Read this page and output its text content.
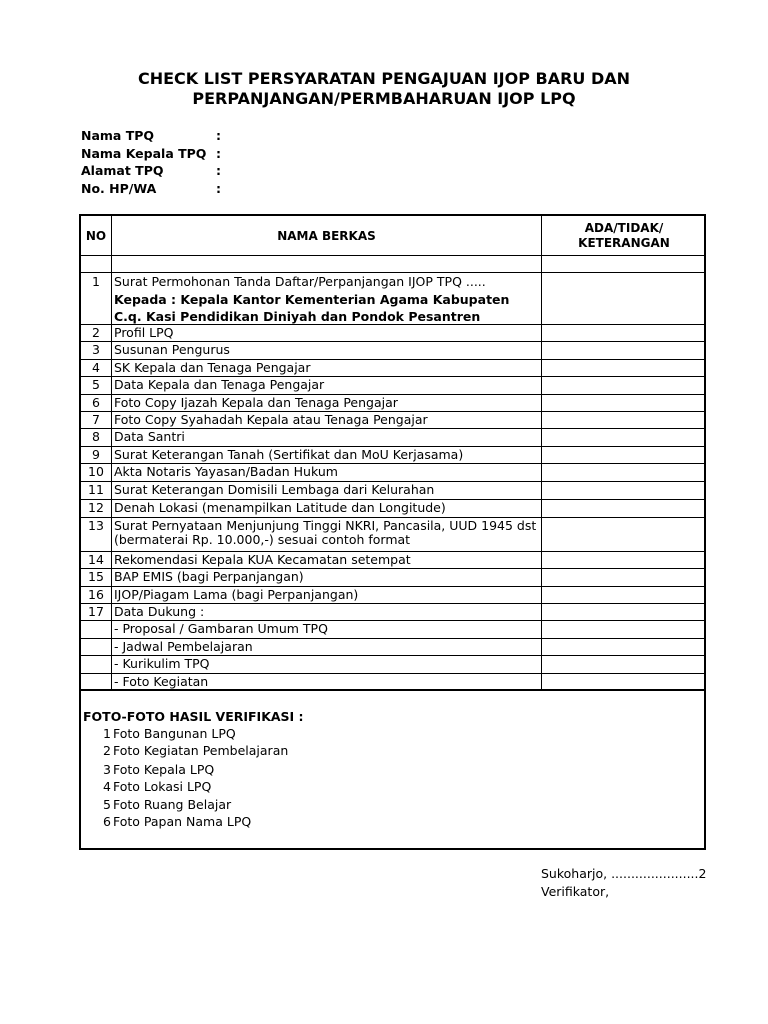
CHECK LIST PERSYARATAN PENGAJUAN IJOP BARU DAN
PERPANJANGAN/PERMBAHARUAN IJOP LPQ
Nama TPQ	:
Nama Kepala TPQ :
Alamat TPQ	:
No. HP/WA	:
NO	NAMA BERKAS
ADA/TIDAK/
KETERANGAN
1	Surat Permohonan Tanda Daftar/Perpanjangan IJOP TPQ .....
Kepada : Kepala Kantor Kementerian Agama Kabupaten
C.q. Kasi Pendidikan Diniyah dan Pondok Pesantren
2	Profil LPQ
3	Susunan Pengurus
4	SK Kepala dan Tenaga Pengajar
5	Data Kepala dan Tenaga Pengajar
6	Foto Copy Ijazah Kepala dan Tenaga Pengajar
7	Foto Copy Syahadah Kepala atau Tenaga Pengajar
8	Data Santri
9	Surat Keterangan Tanah (Sertifikat dan MoU Kerjasama)
10 Akta Notaris Yayasan/Badan Hukum
11 Surat Keterangan Domisili Lembaga dari Kelurahan
12 Denah Lokasi (menampilkan Latitude dan Longitude)
13 Surat Pernyataan Menjunjung Tinggi NKRI, Pancasila, UUD 1945 dst
(bermaterai Rp. 10.000,-) sesuai contoh format
14 Rekomendasi Kepala KUA Kecamatan setempat
15 BAP EMIS (bagi Perpanjangan)
16 IJOP/Piagam Lama (bagi Perpanjangan)
17 Data Dukung :
- Proposal / Gambaran Umum TPQ
- Jadwal Pembelajaran
- Kurikulim TPQ
- Foto Kegiatan
FOTO-FOTO HASIL VERIFIKASI :
1 Foto Bangunan LPQ
2 Foto Kegiatan Pembelajaran
3 Foto Kepala LPQ
4 Foto Lokasi LPQ
5 Foto Ruang Belajar
6 Foto Papan Nama LPQ
Sukoharjo, ......................2
Verifikator,
